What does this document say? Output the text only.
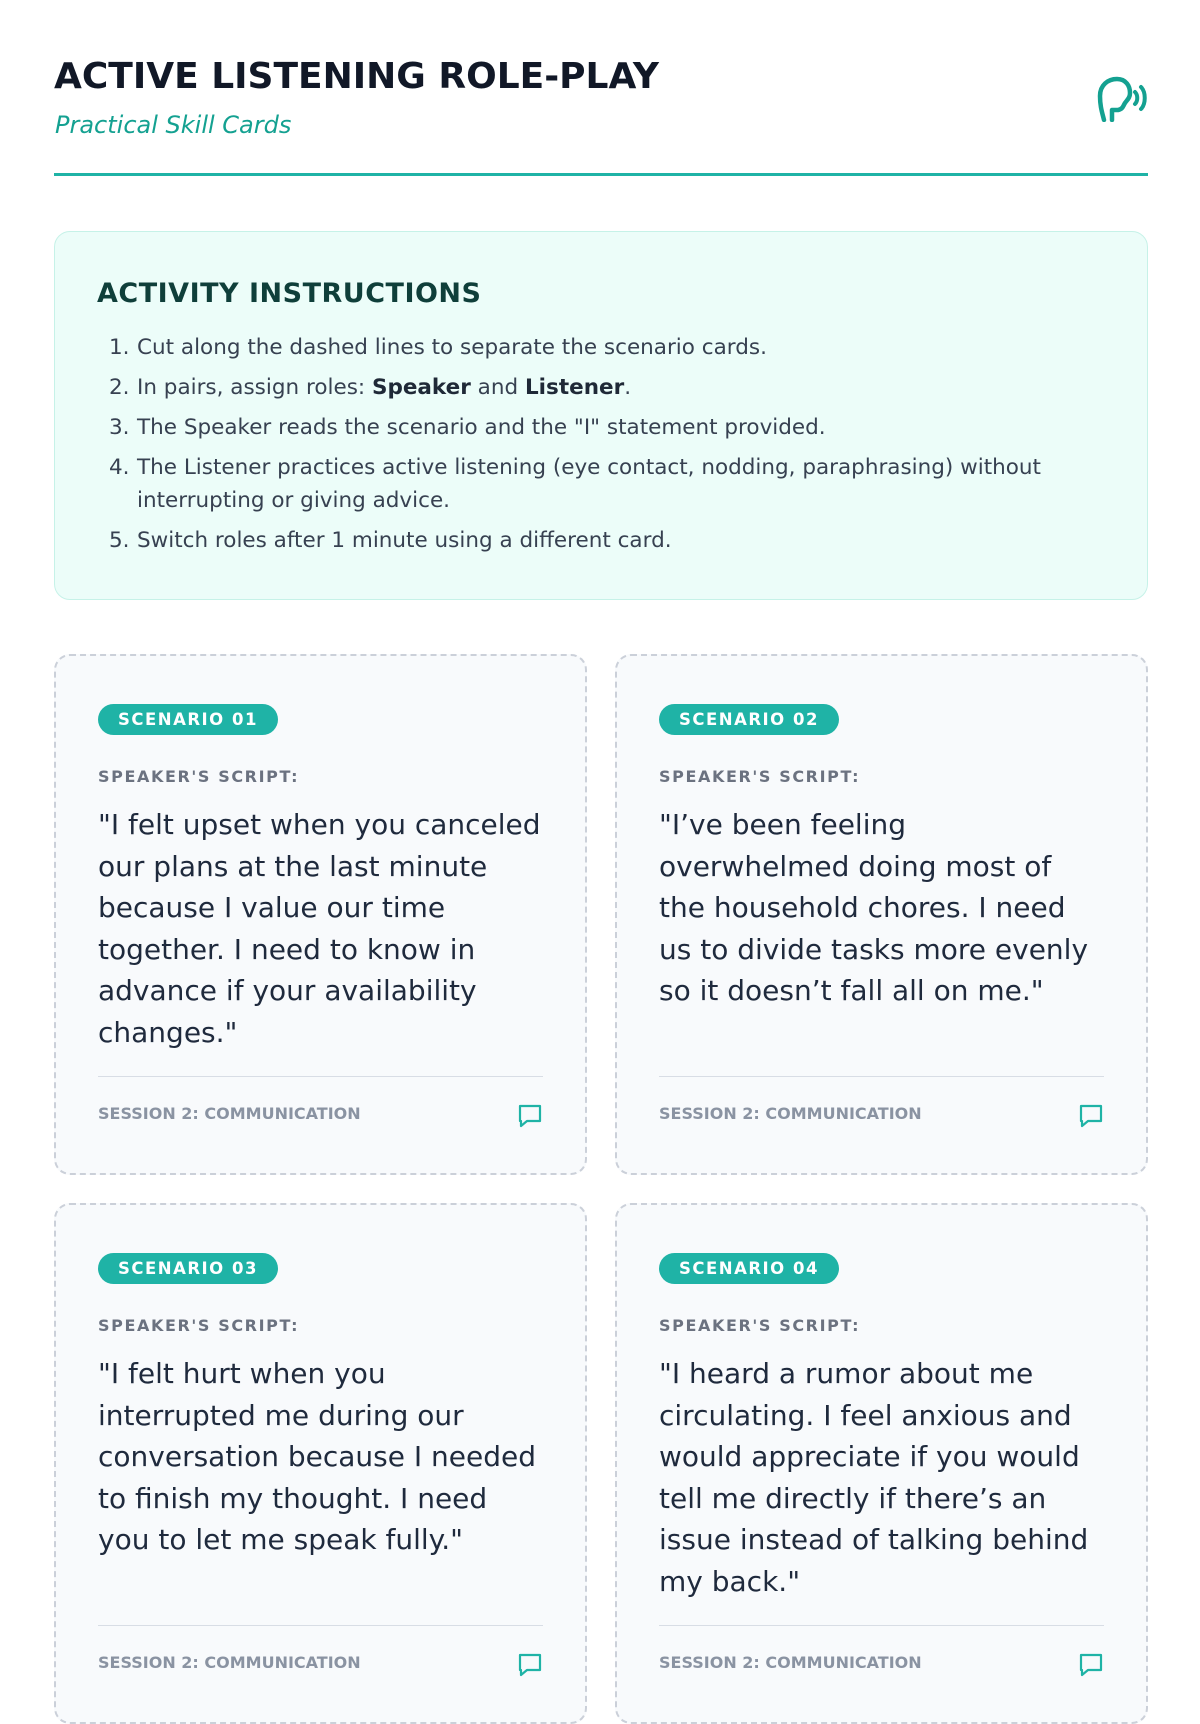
ACTIVE LISTENING ROLE-PLAY

Practical Skill Cards

ACTIVITY INSTRUCTIONS
1. Cut along the dashed lines to separate the scenario cards.
2. In pairs, assign roles: Speaker and Listener.
3. The Speaker reads the scenario and the "I" statement provided.
4. The Listener practices active listening (eye contact, nodding, paraphrasing) without interrupting or giving advice.
5. Switch roles after 1 minute using a different card.
SCENARIO 01
SPEAKER'S SCRIPT:
"I felt upset when you canceled our plans at the last minute because I value our time together. I need to know in advance if your availability changes."
SESSION 2: COMMUNICATION
SCENARIO 02
SPEAKER'S SCRIPT:
"I’ve been feeling overwhelmed doing most of the household chores. I need us to divide tasks more evenly so it doesn’t fall all on me."
SESSION 2: COMMUNICATION
SCENARIO 03
SPEAKER'S SCRIPT:
"I felt hurt when you interrupted me during our conversation because I needed to finish my thought. I need you to let me speak fully."
SESSION 2: COMMUNICATION
SCENARIO 04
SPEAKER'S SCRIPT:
"I heard a rumor about me circulating. I feel anxious and would appreciate if you would tell me directly if there’s an issue instead of talking behind my back."
SESSION 2: COMMUNICATION
